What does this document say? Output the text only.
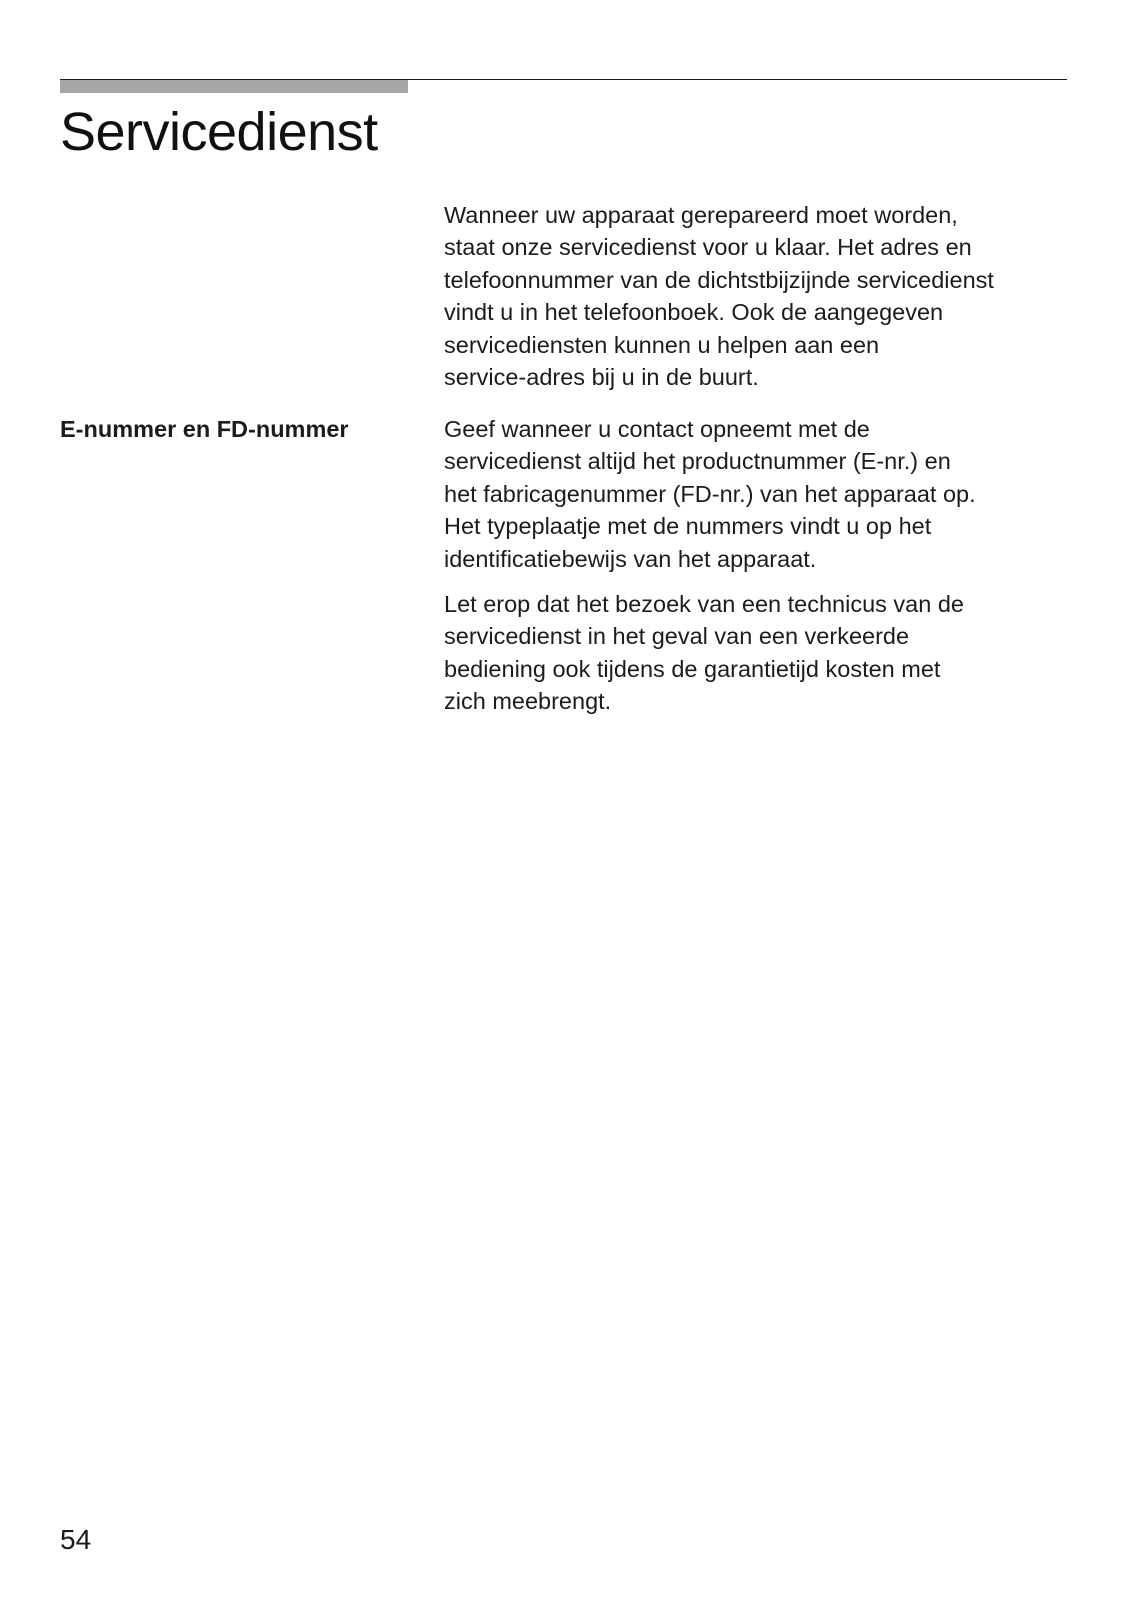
Servicedienst

Wanneer uw apparaat gerepareerd moet worden,
staat onze servicedienst voor u klaar. Het adres en
telefoonnummer van de dichtstbijzijnde servicedienst
vindt u in het telefoonboek. Ook de aangegeven
servicediensten kunnen u helpen aan een
service-adres bij u in de buurt.

E-nummer en FD-nummer	Geef wanneer u contact opneemt met de
servicedienst altijd het productnummer (E-nr.) en
het fabricagenummer (FD-nr.) van het apparaat op.
Het typeplaatje met de nummers vindt u op het
identificatiebewijs van het apparaat.

Let erop dat het bezoek van een technicus van de
servicedienst in het geval van een verkeerde
bediening ook tijdens de garantietijd kosten met
zich meebrengt.

54
